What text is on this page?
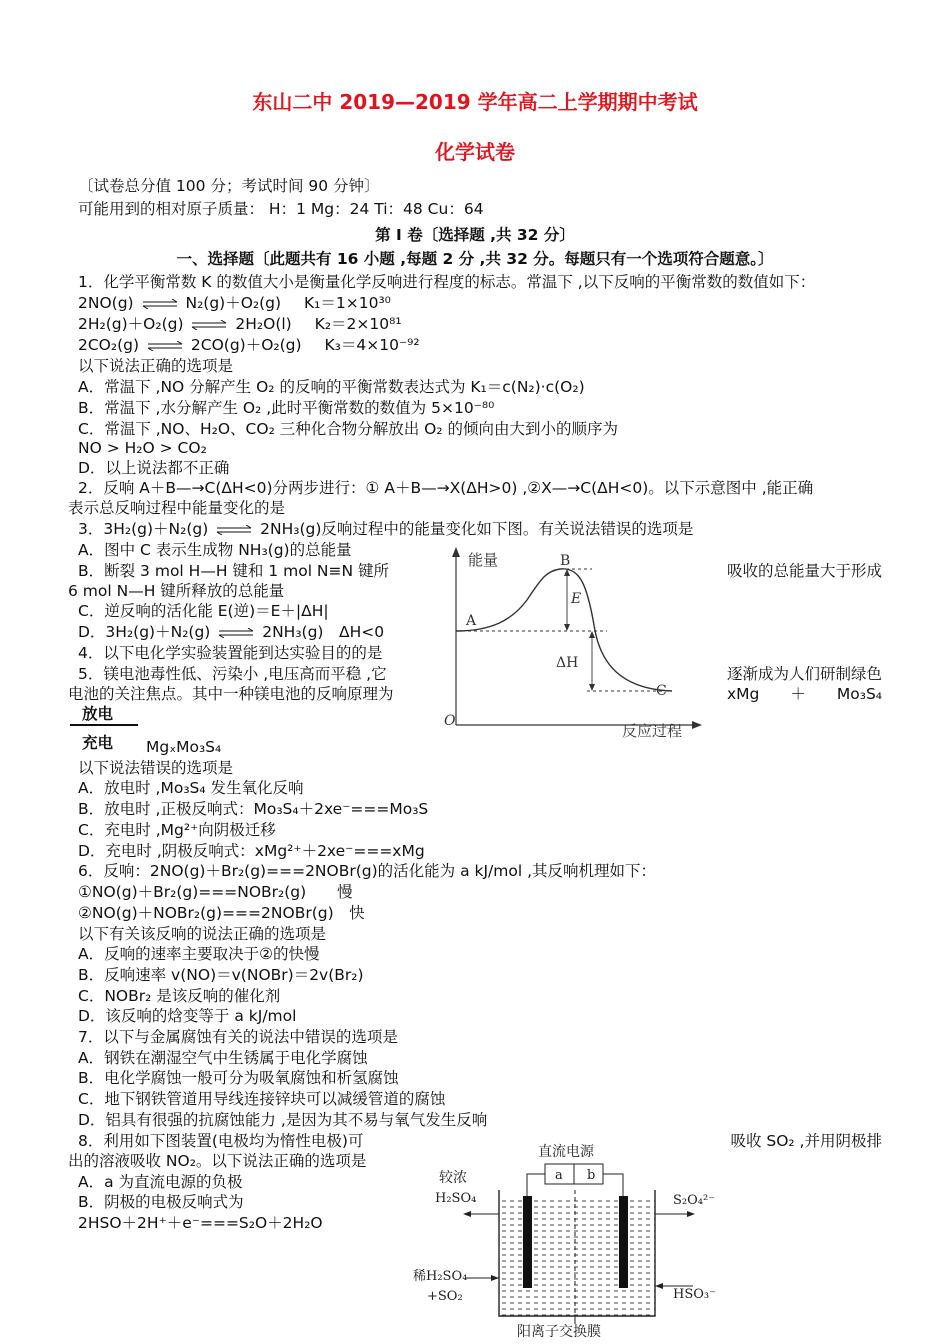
东山二中 2019—2019 学年高二上学期期中考试
化学试卷
〔试卷总分值 100 分；考试时间 90 分钟〕
可能用到的相对原子质量： H：1 Mg：24 Ti：48 Cu：64
第 I 卷〔选择题 ,共 32 分〕
一、选择题〔此题共有 16 小题 ,每题 2 分 ,共 32 分。每题只有一个选项符合题意。〕
1．化学平衡常数 K 的数值大小是衡量化学反响进行程度的标志。常温下 ,以下反响的平衡常数的数值如下：
2NO(g) ⇌ N₂(g)＋O₂(g) K₁＝1×10³⁰
2H₂(g)＋O₂(g) ⇌ 2H₂O(l) K₂＝2×10⁸¹
2CO₂(g) ⇌ 2CO(g)＋O₂(g) K₃＝4×10⁻⁹²
以下说法正确的选项是
A．常温下 ,NO 分解产生 O₂ 的反响的平衡常数表达式为 K₁＝c(N₂)·c(O₂)
B．常温下 ,水分解产生 O₂ ,此时平衡常数的数值为 5×10⁻⁸⁰
C．常温下 ,NO、H₂O、CO₂ 三种化合物分解放出 O₂ 的倾向由大到小的顺序为
NO > H₂O > CO₂
D．以上说法都不正确
2．反响 A＋B—→C(ΔH<0)分两步进行：① A＋B—→X(ΔH>0) ,②X—→C(ΔH<0)。以下示意图中 ,能正确
表示总反响过程中能量变化的是
3．3H₂(g)＋N₂(g) ⇌ 2NH₃(g)反响过程中的能量变化如下图。有关说法错误的选项是
A．图中 C 表示生成物 NH₃(g)的总能量
B．断裂 3 mol H—H 键和 1 mol N≡N 键所	吸收的总能量大于形成
6 mol N—H 键所释放的总能量
C．逆反响的活化能 E(逆)＝E＋|ΔH|
D．3H₂(g)＋N₂(g) ⇌ 2NH₃(g)　ΔH<0
能量
反应过程
O
A
B
C
E
ΔH
4．以下电化学实验装置能到达实验目的的是
5．镁电池毒性低、污染小 ,电压高而平稳 ,它	逐渐成为人们研制绿色
电池的关注焦点。其中一种镁电池的反响原理为	xMg　　＋　　Mo₃S₄
放电
充电 MgₓMo₃S₄
以下说法错误的选项是
A．放电时 ,Mo₃S₄ 发生氧化反响
B．放电时 ,正极反响式：Mo₃S₄＋2xe⁻===Mo₃S
C．充电时 ,Mg²⁺向阴极迁移
D．充电时 ,阴极反响式：xMg²⁺＋2xe⁻===xMg
6．反响：2NO(g)＋Br₂(g)===2NOBr(g)的活化能为 a kJ/mol ,其反响机理如下：
①NO(g)＋Br₂(g)===NOBr₂(g)　　慢
②NO(g)＋NOBr₂(g)===2NOBr(g)　快
以下有关该反响的说法正确的选项是
A．反响的速率主要取决于②的快慢
B．反响速率 v(NO)＝v(NOBr)＝2v(Br₂)
C．NOBr₂ 是该反响的催化剂
D．该反响的焓变等于 a kJ/mol
7．以下与金属腐蚀有关的说法中错误的选项是
A．钢铁在潮湿空气中生锈属于电化学腐蚀
B．电化学腐蚀一般可分为吸氧腐蚀和析氢腐蚀
C．地下钢铁管道用导线连接锌块可以减缓管道的腐蚀
D．铝具有很强的抗腐蚀能力 ,是因为其不易与氧气发生反响
8．利用如下图装置(电极均为惰性电极)可	吸收 SO₂ ,并用阴极排
出的溶液吸收 NO₂。以下说法正确的选项是
A．a 为直流电源的负极
B．阴极的电极反响式为
2HSO＋2H⁺＋e⁻===S₂O＋2H₂O
直流电源
a b
较浓
H₂SO₄	S₂O₄²⁻
稀H₂SO₄
+SO₂	HSO₃⁻
阳离子交换膜
